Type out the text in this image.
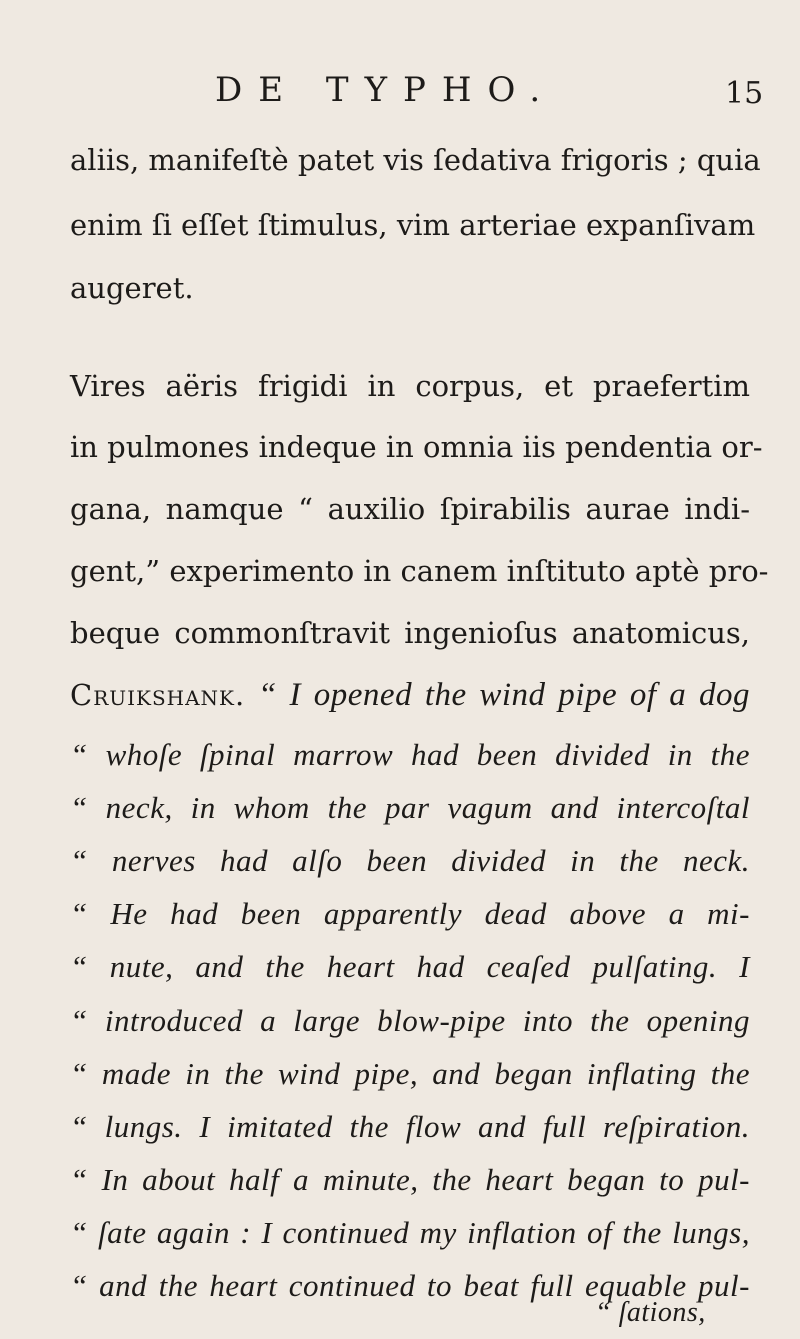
DE TYPHO.	15
aliis, manifeſtè patet vis ſedativa frigoris ; quia
enim ſi eſſet ſtimulus, vim arteriae expanſivam
augeret.
Vires aëris frigidi in corpus, et praefertim
in pulmones indeque in omnia iis pendentia or-
gana, namque “ auxilio ſpirabilis aurae indi-
gent,” experimento in canem inſtituto aptè pro-
beque commonſtravit ingenioſus anatomicus,
Cruikshank. “ I opened the wind pipe of a dog
“ whoſe ſpinal marrow had been divided in the
“ neck, in whom the par vagum and intercoſtal
“ nerves had alſo been divided in the neck.
“ He had been apparently dead above a mi-
“ nute, and the heart had ceaſed pulſating. I
“ introduced a large blow-pipe into the opening
“ made in the wind pipe, and began inflating the
“ lungs. I imitated the flow and full reſpiration.
“ In about half a minute, the heart began to pul-
“ ſate again : I continued my inflation of the lungs,
“ and the heart continued to beat full equable pul-
“ ſations,
